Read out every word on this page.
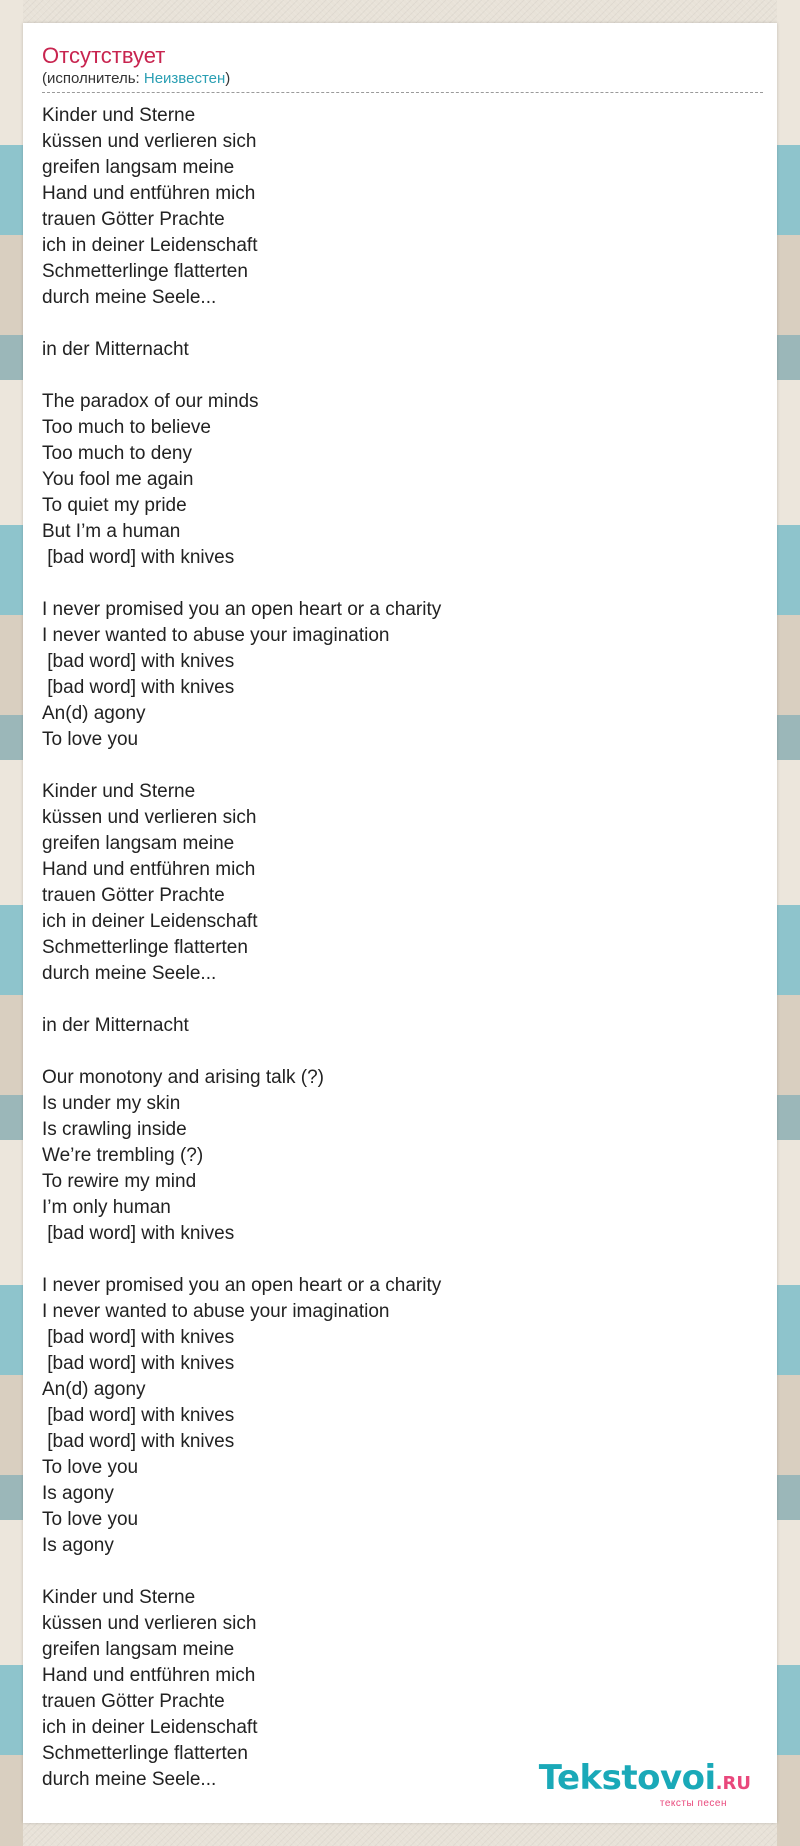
Отсутствует
(исполнитель: Неизвестен)
Kinder und Sterne
küssen und verlieren sich
greifen langsam meine
Hand und entführen mich
trauen Götter Prachte
ich in deiner Leidenschaft
Schmetterlinge flatterten
durch meine Seele...
in der Mitternacht
The paradox of our minds
Too much to believe
Too much to deny
You fool me again
To quiet my pride
But I’m a human
[bad word] with knives
I never promised you an open heart or a charity
I never wanted to abuse your imagination
[bad word] with knives
[bad word] with knives
An(d) agony
To love you
Kinder und Sterne
küssen und verlieren sich
greifen langsam meine
Hand und entführen mich
trauen Götter Prachte
ich in deiner Leidenschaft
Schmetterlinge flatterten
durch meine Seele...
in der Mitternacht
Our monotony and arising talk (?)
Is under my skin
Is crawling inside
We’re trembling (?)
To rewire my mind
I’m only human
[bad word] with knives
I never promised you an open heart or a charity
I never wanted to abuse your imagination
[bad word] with knives
[bad word] with knives
An(d) agony
[bad word] with knives
[bad word] with knives
To love you
Is agony
To love you
Is agony
Kinder und Sterne
küssen und verlieren sich
greifen langsam meine
Hand und entführen mich
trauen Götter Prachte
ich in deiner Leidenschaft
Schmetterlinge flatterten
durch meine Seele...	Tekstovoi.RU
тексты песен
